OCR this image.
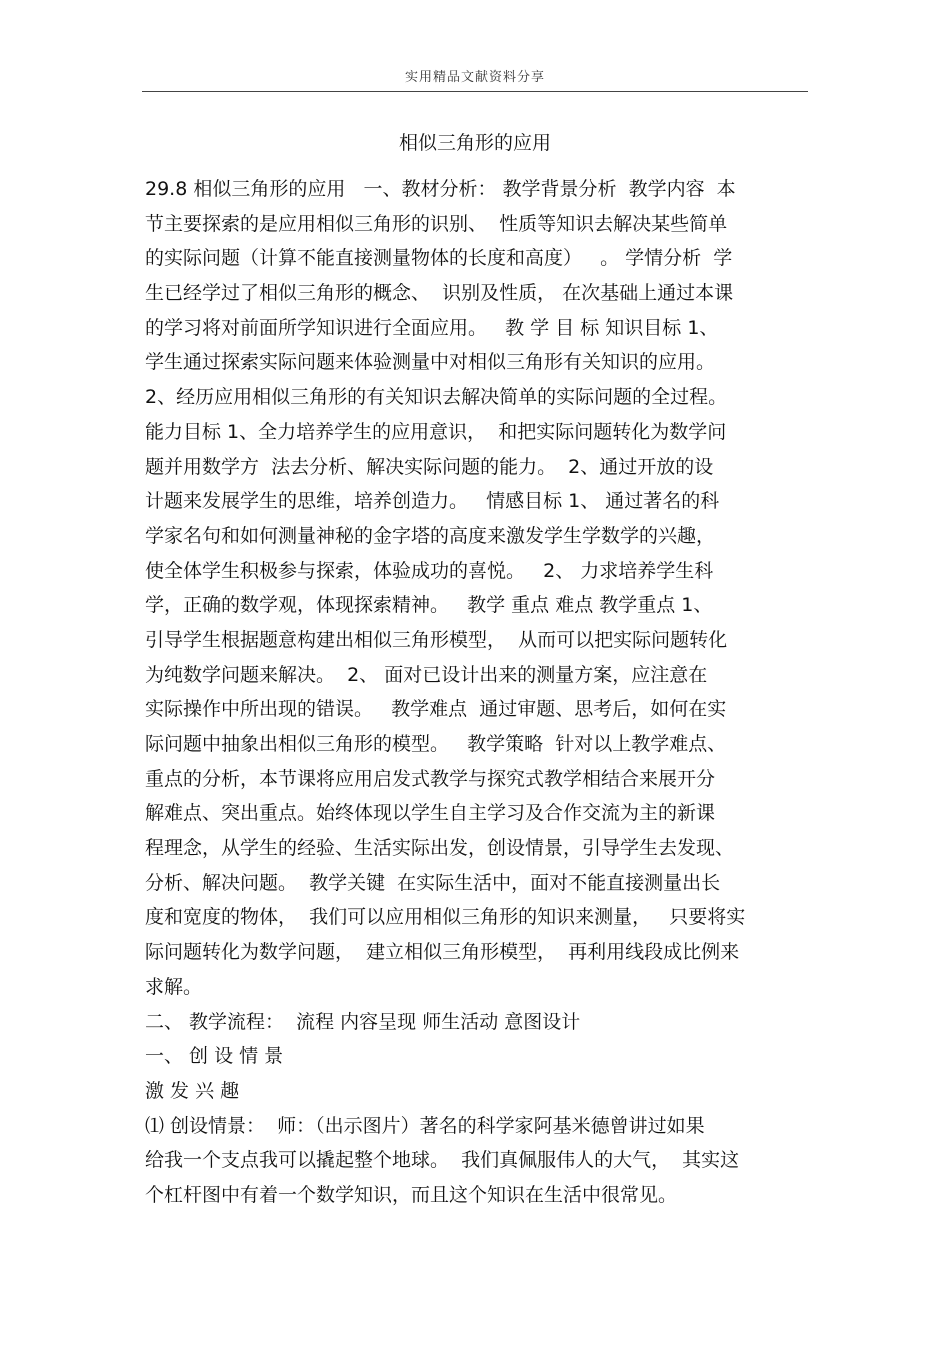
实用精品文献资料分享
相似三角形的应用
29.8 相似三角形的应用   一、教材分析： 教学背景分析  教学内容  本
节主要探索的是应用相似三角形的识别、  性质等知识去解决某些简单
的实际问题（计算不能直接测量物体的长度和高度）   。 学情分析  学
生已经学过了相似三角形的概念、  识别及性质， 在次基础上通过本课
的学习将对前面所学知识进行全面应用。   教 学 目 标 知识目标 1、
学生通过探索实际问题来体验测量中对相似三角形有关知识的应用。
2、经历应用相似三角形的有关知识去解决简单的实际问题的全过程。
能力目标 1、全力培养学生的应用意识，  和把实际问题转化为数学问
题并用数学方  法去分析、解决实际问题的能力。  2、通过开放的设
计题来发展学生的思维，培养创造力。   情感目标 1、 通过著名的科
学家名句和如何测量神秘的金字塔的高度来激发学生学数学的兴趣，
使全体学生积极参与探索，体验成功的喜悦。   2、 力求培养学生科
学，正确的数学观，体现探索精神。   教学 重点 难点 教学重点 1、
引导学生根据题意构建出相似三角形模型，  从而可以把实际问题转化
为纯数学问题来解决。  2、 面对已设计出来的测量方案，应注意在
实际操作中所出现的错误。   教学难点  通过审题、思考后，如何在实
际问题中抽象出相似三角形的模型。   教学策略  针对以上教学难点、
重点的分析，本节课将应用启发式教学与探究式教学相结合来展开分
解难点、突出重点。始终体现以学生自主学习及合作交流为主的新课
程理念，从学生的经验、生活实际出发，创设情景，引导学生去发现、
分析、解决问题。  教学关键  在实际生活中，面对不能直接测量出长
度和宽度的物体，  我们可以应用相似三角形的知识来测量，   只要将实
际问题转化为数学问题，  建立相似三角形模型，  再利用线段成比例来
求解。
二、 教学流程：  流程 内容呈现 师生活动 意图设计
一、 创 设 情 景
激 发 兴 趣
⑴ 创设情景：  师：（出示图片）著名的科学家阿基米德曾讲过如果
给我一个支点我可以撬起整个地球。  我们真佩服伟人的大气，  其实这
个杠杆图中有着一个数学知识，而且这个知识在生活中很常见。
